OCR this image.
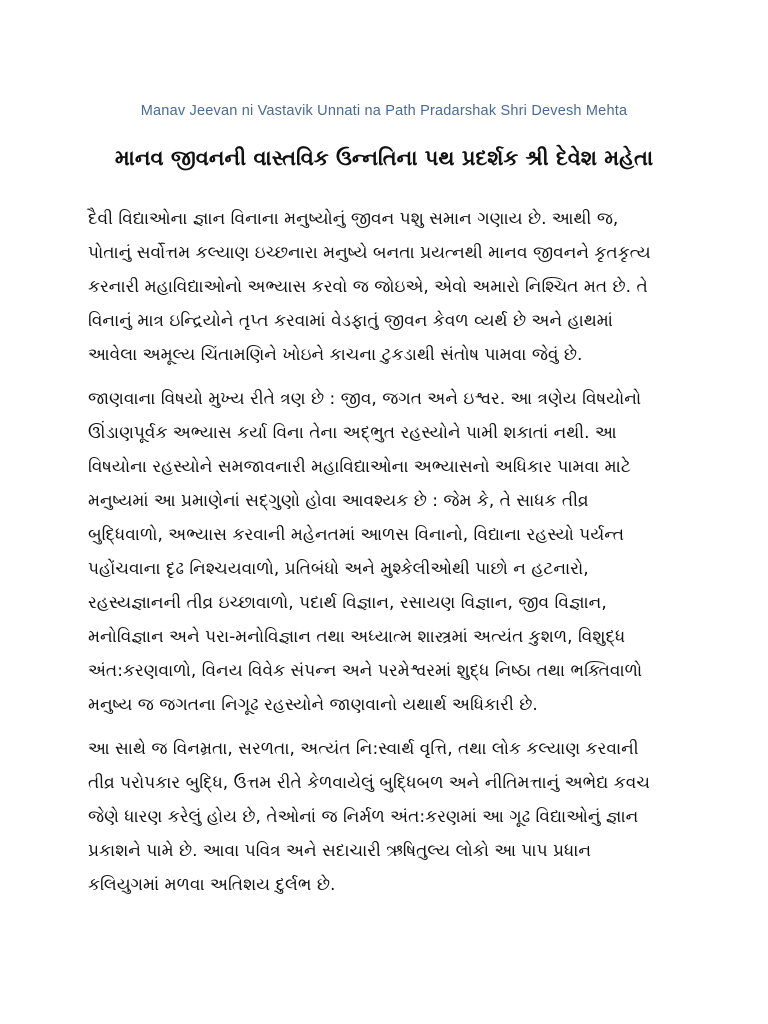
Manav Jeevan ni Vastavik Unnati na Path Pradarshak Shri Devesh Mehta
માનવ જીવનની વાસ્તવિક ઉન્નતિના પથ પ્રદર્શક શ્રી દેવેશ મહેતા
દૈવી વિદ્યાઓના જ્ઞાન વિનાના મનુષ્યોનું જીવન પશુ સમાન ગણાય છે. આથી જ,
પોતાનું સર્વોત્તમ કલ્યાણ ઇચ્છનારા મનુષ્યે બનતા પ્રયત્નથી માનવ જીવનને કૃતકૃત્ય
કરનારી મહાવિદ્યાઓનો અભ્યાસ કરવો જ જોઇએ, એવો અમારો નિશ્ચિત મત છે. તે
વિનાનું માત્ર ઇન્દ્રિયોને તૃપ્ત કરવામાં વેડફાતું જીવન કેવળ વ્યર્થ છે અને હાથમાં
આવેલા અમૂલ્ય ચિંતામણિને ખોઇને કાચના ટુકડાથી સંતોષ પામવા જેવું છે.
જાણવાના વિષયો મુખ્ય રીતે ત્રણ છે : જીવ, જગત અને ઇશ્વર. આ ત્રણેય વિષયોનો
ઊંડાણપૂર્વક અભ્યાસ કર્યા વિના તેના અદ્ભુત રહસ્યોને પામી શકાતાં નથી. આ
વિષયોના રહસ્યોને સમજાવનારી મહાવિદ્યાઓના અભ્યાસનો અધિકાર પામવા માટે
મનુષ્યમાં આ પ્રમાણેનાં સદ્ગુણો હોવા આવશ્યક છે : જેમ કે, તે સાધક તીવ્ર
બુદ્ધિવાળો, અભ્યાસ કરવાની મહેનતમાં આળસ વિનાનો, વિદ્યાના રહસ્યો પર્યન્ત
પહોંચવાના દૃઢ નિશ્ચયવાળો, પ્રતિબંધો અને મુશ્કેલીઓથી પાછો ન હટનારો,
રહસ્યજ્ઞાનની તીવ્ર ઇચ્છાવાળો, પદાર્થ વિજ્ઞાન, રસાયણ વિજ્ઞાન, જીવ વિજ્ઞાન,
મનોવિજ્ઞાન અને પરા-મનોવિજ્ઞાન તથા અધ્યાત્મ શાસ્ત્રમાં અત્યંત કુશળ, વિશુદ્ધ
અંત:કરણવાળો, વિનય વિવેક સંપન્ન અને પરમેશ્વરમાં શુદ્ધ નિષ્ઠા તથા ભક્તિવાળો
મનુષ્ય જ જગતના નિગૂઢ રહસ્યોને જાણવાનો યથાર્થ અધિકારી છે.
આ સાથે જ વિનમ્રતા, સરળતા, અત્યંત નિ:સ્વાર્થ વૃત્તિ, તથા લોક કલ્યાણ કરવાની
તીવ્ર પરોપકાર બુદ્ધિ, ઉત્તમ રીતે કેળવાયેલું બુદ્ધિબળ અને નીતિમત્તાનું અભેદ્ય કવચ
જેણે ધારણ કરેલું હોય છે, તેઓનાં જ નિર્મળ અંત:કરણમાં આ ગૂઢ વિદ્યાઓનું જ્ઞાન
પ્રકાશને પામે છે. આવા પવિત્ર અને સદાચારી ઋષિતુલ્ય લોકો આ પાપ પ્રધાન
કલિયુગમાં મળવા અતિશય દુર્લભ છે.
